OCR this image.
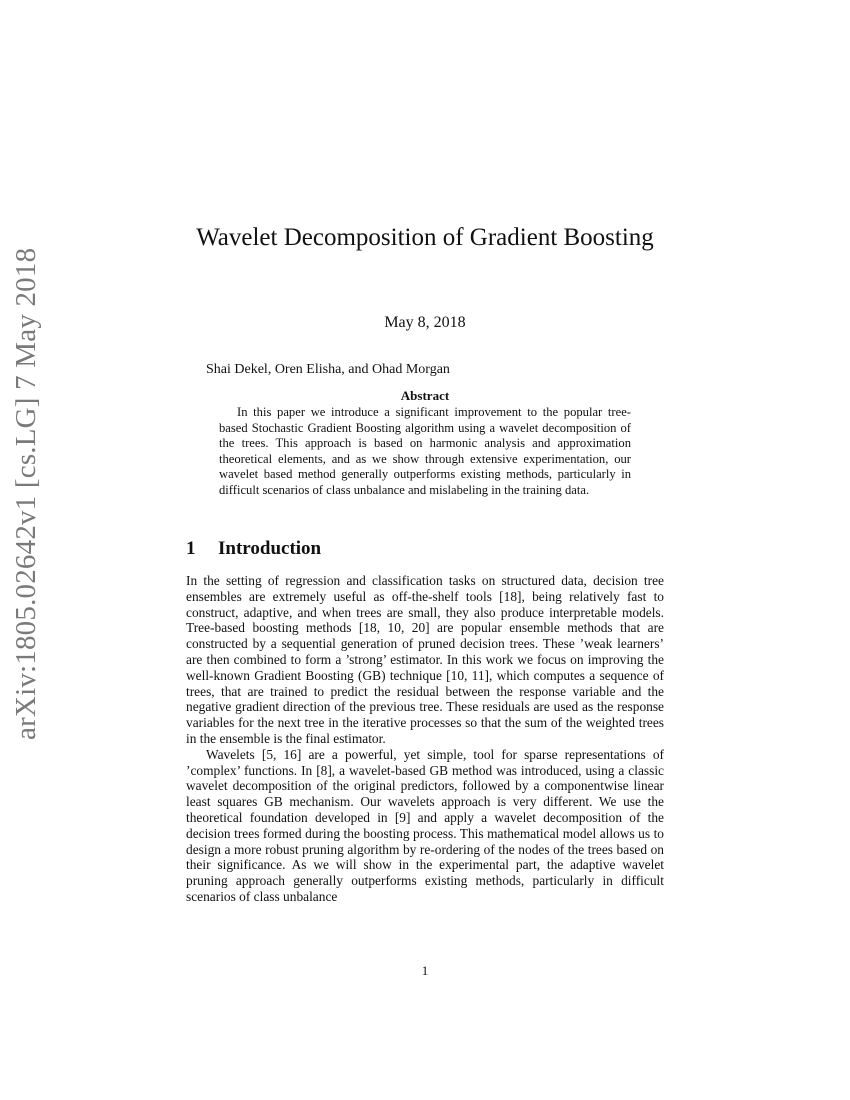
arXiv:1805.02642v1 [cs.LG] 7 May 2018
Wavelet Decomposition of Gradient Boosting
May 8, 2018
Shai Dekel, Oren Elisha, and Ohad Morgan
Abstract

In this paper we introduce a significant improvement to the popular tree-based Stochastic Gradient Boosting algorithm using a wavelet decomposition of the trees. This approach is based on harmonic analysis and approximation theoretical elements, and as we show through extensive experimentation, our wavelet based method generally outperforms existing methods, particularly in difficult scenarios of class unbalance and mislabeling in the training data.

1 Introduction

In the setting of regression and classification tasks on structured data, decision tree ensembles are extremely useful as off-the-shelf tools [18], being relatively fast to construct, adaptive, and when trees are small, they also produce interpretable models. Tree-based boosting methods [18, 10, 20] are popular ensemble methods that are constructed by a sequential generation of pruned decision trees. These ’weak learners’ are then combined to form a ’strong’ estimator. In this work we focus on improving the well-known Gradient Boosting (GB) technique [10, 11], which computes a sequence of trees, that are trained to predict the residual between the response variable and the negative gradient direction of the previous tree. These residuals are used as the response variables for the next tree in the iterative processes so that the sum of the weighted trees in the ensemble is the final estimator.

Wavelets [5, 16] are a powerful, yet simple, tool for sparse representations of ’complex’ functions. In [8], a wavelet-based GB method was introduced, using a classic wavelet decomposition of the original predictors, followed by a componentwise linear least squares GB mechanism. Our wavelets approach is very different. We use the theoretical foundation developed in [9] and apply a wavelet decomposition of the decision trees formed during the boosting process. This mathematical model allows us to design a more robust pruning algorithm by re-ordering of the nodes of the trees based on their significance. As we will show in the experimental part, the adaptive wavelet pruning approach generally outperforms existing methods, particularly in difficult scenarios of class unbalance

1
